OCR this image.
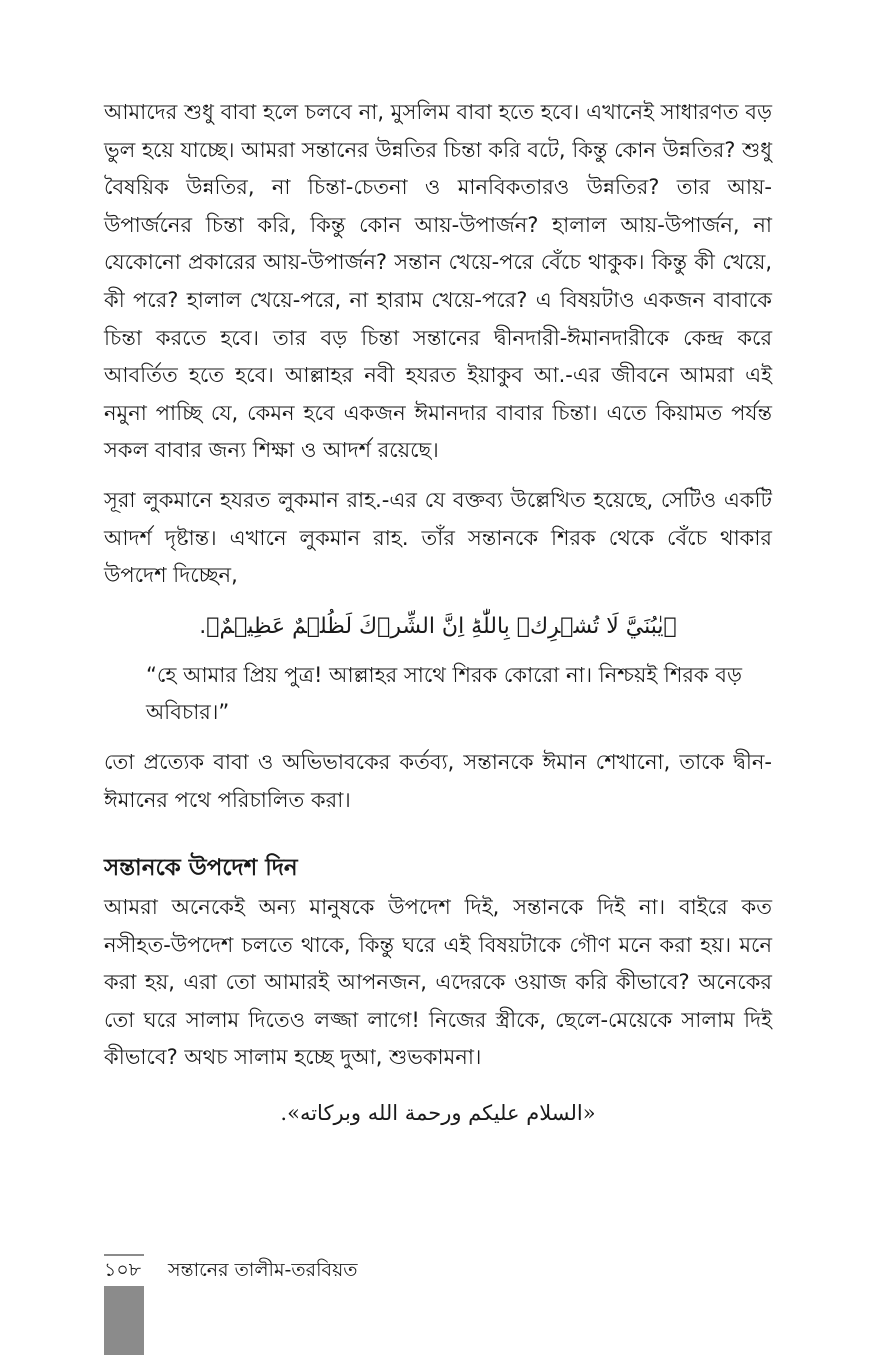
আমাদের শুধু বাবা হলে চলবে না, মুসলিম বাবা হতে হবে। এখানেই সাধারণত বড় ভুল হয়ে যাচ্ছে। আমরা সন্তানের উন্নতির চিন্তা করি বটে, কিন্তু কোন উন্নতির? শুধু বৈষয়িক উন্নতির, না চিন্তা-চেতনা ও মানবিকতারও উন্নতির? তার আয়-উপার্জনের চিন্তা করি, কিন্তু কোন আয়-উপার্জন? হালাল আয়-উপার্জন, না যেকোনো প্রকারের আয়-উপার্জন? সন্তান খেয়ে-পরে বেঁচে থাকুক। কিন্তু কী খেয়ে, কী পরে? হালাল খেয়ে-পরে, না হারাম খেয়ে-পরে? এ বিষয়টাও একজন বাবাকে চিন্তা করতে হবে। তার বড় চিন্তা সন্তানের দ্বীনদারী-ঈমানদারীকে কেন্দ্র করে আবর্তিত হতে হবে। আল্লাহর নবী হযরত ইয়াকুব আ.-এর জীবনে আমরা এই নমুনা পাচ্ছি যে, কেমন হবে একজন ঈমানদার বাবার চিন্তা। এতে কিয়ামত পর্যন্ত সকল বাবার জন্য শিক্ষা ও আদর্শ রয়েছে।

সূরা লুকমানে হযরত লুকমান রাহ.-এর যে বক্তব্য উল্লেখিত হয়েছে, সেটিও একটি আদর্শ দৃষ্টান্ত। এখানে লুকমান রাহ. তাঁর সন্তানকে শিরক থেকে বেঁচে থাকার উপদেশ দিচ্ছেন,

﴿يٰبُنَيَّ لَا تُشۡرِكۡ بِاللّٰهِؕ اِنَّ الشِّرۡكَ لَظُلۡمٌ عَظِیۡمٌ﴾.
“হে আমার প্রিয় পুত্র! আল্লাহর সাথে শিরক কোরো না। নিশ্চয়ই শিরক বড় অবিচার।”

তো প্রত্যেক বাবা ও অভিভাবকের কর্তব্য, সন্তানকে ঈমান শেখানো, তাকে দ্বীন-ঈমানের পথে পরিচালিত করা।

সন্তানকে উপদেশ দিন

আমরা অনেকেই অন্য মানুষকে উপদেশ দিই, সন্তানকে দিই না। বাইরে কত নসীহত-উপদেশ চলতে থাকে, কিন্তু ঘরে এই বিষয়টাকে গৌণ মনে করা হয়। মনে করা হয়, এরা তো আমারই আপনজন, এদেরকে ওয়াজ করি কীভাবে? অনেকের তো ঘরে সালাম দিতেও লজ্জা লাগে! নিজের স্ত্রীকে, ছেলে-মেয়েকে সালাম দিই কীভাবে? অথচ সালাম হচ্ছে দুআ, শুভকামনা।

«السلام عليكم ورحمة الله وبركاته».
১০৮	সন্তানের তালীম-তরবিয়ত
